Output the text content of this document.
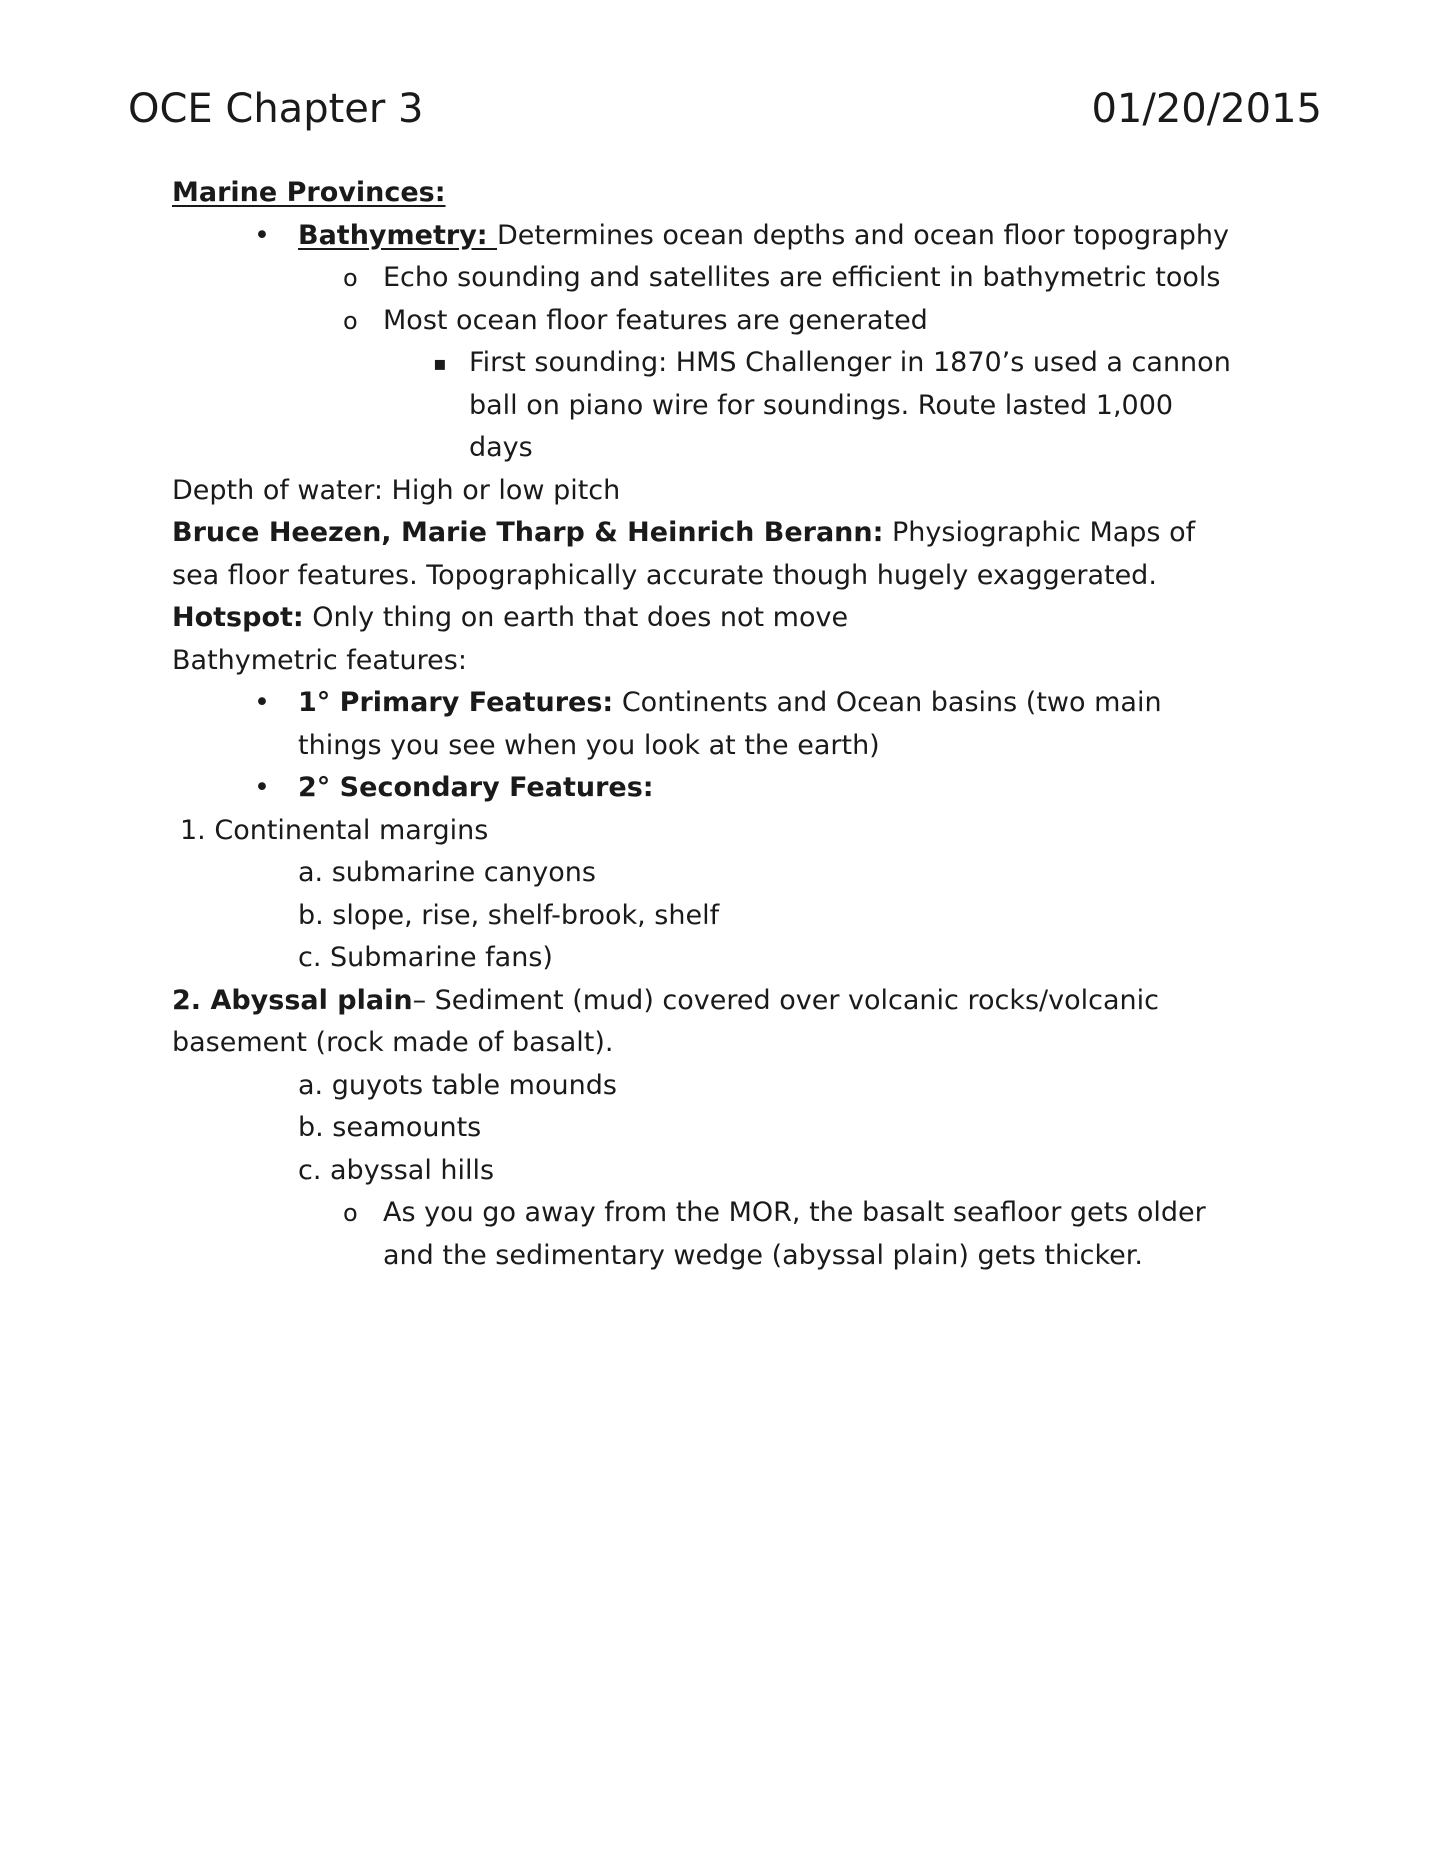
OCE Chapter 3	01/20/2015
Marine Provinces:
• Bathymetry: Determines ocean depths and ocean floor topography
o Echo sounding and satellites are efficient in bathymetric tools
o Most ocean floor features are generated
▪ First sounding: HMS Challenger in 1870’s used a cannon
ball on piano wire for soundings. Route lasted 1,000
days
Depth of water: High or low pitch
Bruce Heezen, Marie Tharp & Heinrich Berann: Physiographic Maps of
sea floor features. Topographically accurate though hugely exaggerated.
Hotspot: Only thing on earth that does not move
Bathymetric features:
• 1° Primary Features: Continents and Ocean basins (two main
things you see when you look at the earth)
• 2° Secondary Features:
1. Continental margins
a. submarine canyons
b. slope, rise, shelf-brook, shelf
c. Submarine fans)
2. Abyssal plain– Sediment (mud) covered over volcanic rocks/volcanic
basement (rock made of basalt).
a. guyots table mounds
b. seamounts
c. abyssal hills
o As you go away from the MOR, the basalt seafloor gets older
and the sedimentary wedge (abyssal plain) gets thicker.
